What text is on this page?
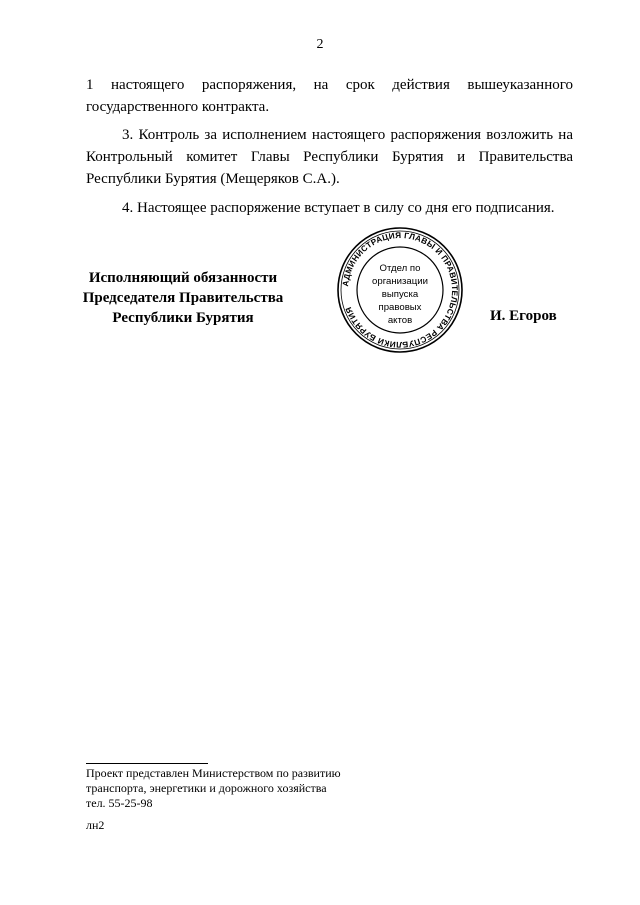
2
1 настоящего распоряжения, на срок действия вышеуказанного государственного контракта.
3. Контроль за исполнением настоящего распоряжения возложить на Контрольный комитет Главы Республики Бурятия и Правительства Республики Бурятия (Мещеряков С.А.).
4. Настоящее распоряжение вступает в силу со дня его подписания.
Исполняющий обязанности
Председателя Правительства
Республики Бурятия
АДМИНИСТРАЦИЯ ГЛАВЫ И ПРАВИТЕЛЬСТВА РЕСПУБЛИКИ БУРЯТИЯ
Отдел по
организации
выпуска
правовых
актов	И. Егоров
Проект представлен Министерством по развитию
транспорта, энергетики и дорожного хозяйства
тел. 55-25-98
лн2
